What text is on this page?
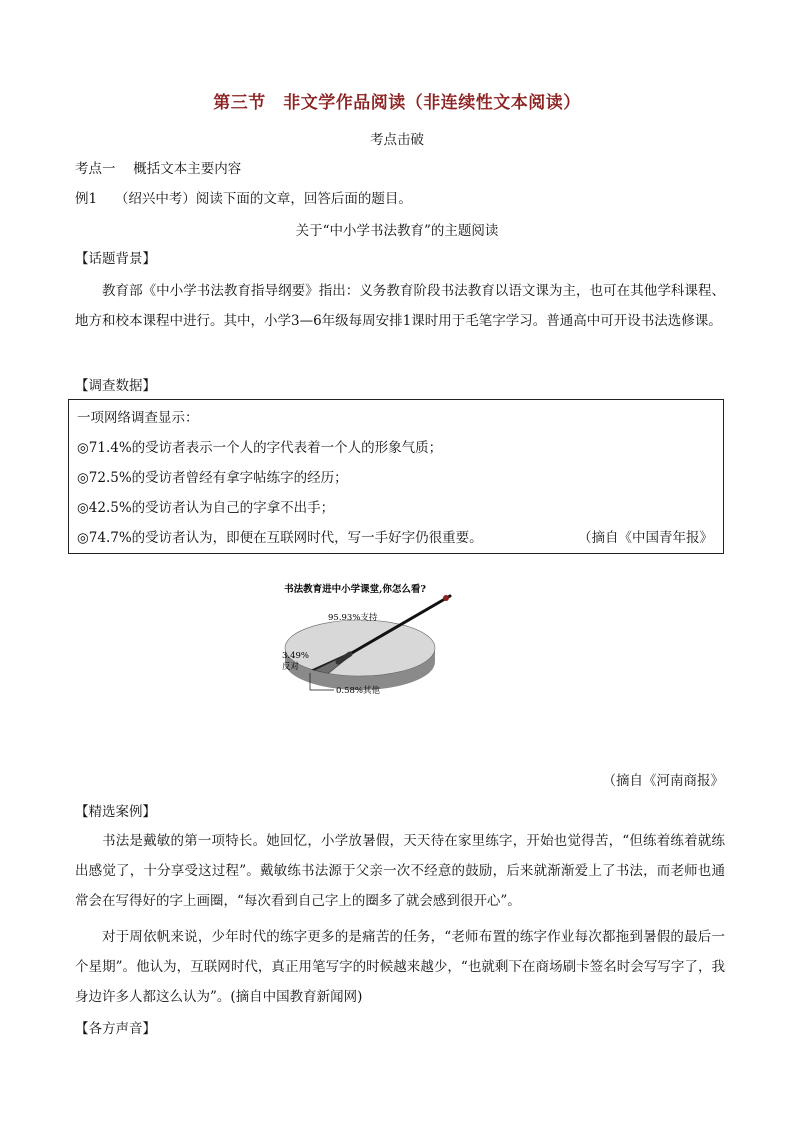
第三节　非文学作品阅读（非连续性文本阅读）
考点击破
考点一　 概括文本主要内容
例1　 （绍兴中考）阅读下面的文章，回答后面的题目。
关于“中小学书法教育”的主题阅读
【话题背景】
教育部《中小学书法教育指导纲要》指出：义务教育阶段书法教育以语文课为主，也可在其他学科课程、地方和校本课程中进行。其中，小学3—6年级每周安排1课时用于毛笔字学习。普通高中可开设书法选修课。
【调查数据】
一项网络调查显示：
◎71.4%的受访者表示一个人的字代表着一个人的形象气质；
◎72.5%的受访者曾经有拿字帖练字的经历；
◎42.5%的受访者认为自己的字拿不出手；
◎74.7%的受访者认为，即便在互联网时代，写一手好字仍很重要。	（摘自《中国青年报》
书法教育进中小学课堂,你怎么看?
95.93%支持
3.49%
反对
0.58%其他
（摘自《河南商报》
【精选案例】
书法是戴敏的第一项特长。她回忆，小学放暑假，天天待在家里练字，开始也觉得苦，“但练着练着就练出感觉了，十分享受这过程”。戴敏练书法源于父亲一次不经意的鼓励，后来就渐渐爱上了书法，而老师也通常会在写得好的字上画圈，“每次看到自己字上的圈多了就会感到很开心”。
对于周依帆来说，少年时代的练字更多的是痛苦的任务，“老师布置的练字作业每次都拖到暑假的最后一个星期”。他认为，互联网时代，真正用笔写字的时候越来越少，“也就剩下在商场刷卡签名时会写写字了，我身边许多人都这么认为”。(摘自中国教育新闻网)
【各方声音】
